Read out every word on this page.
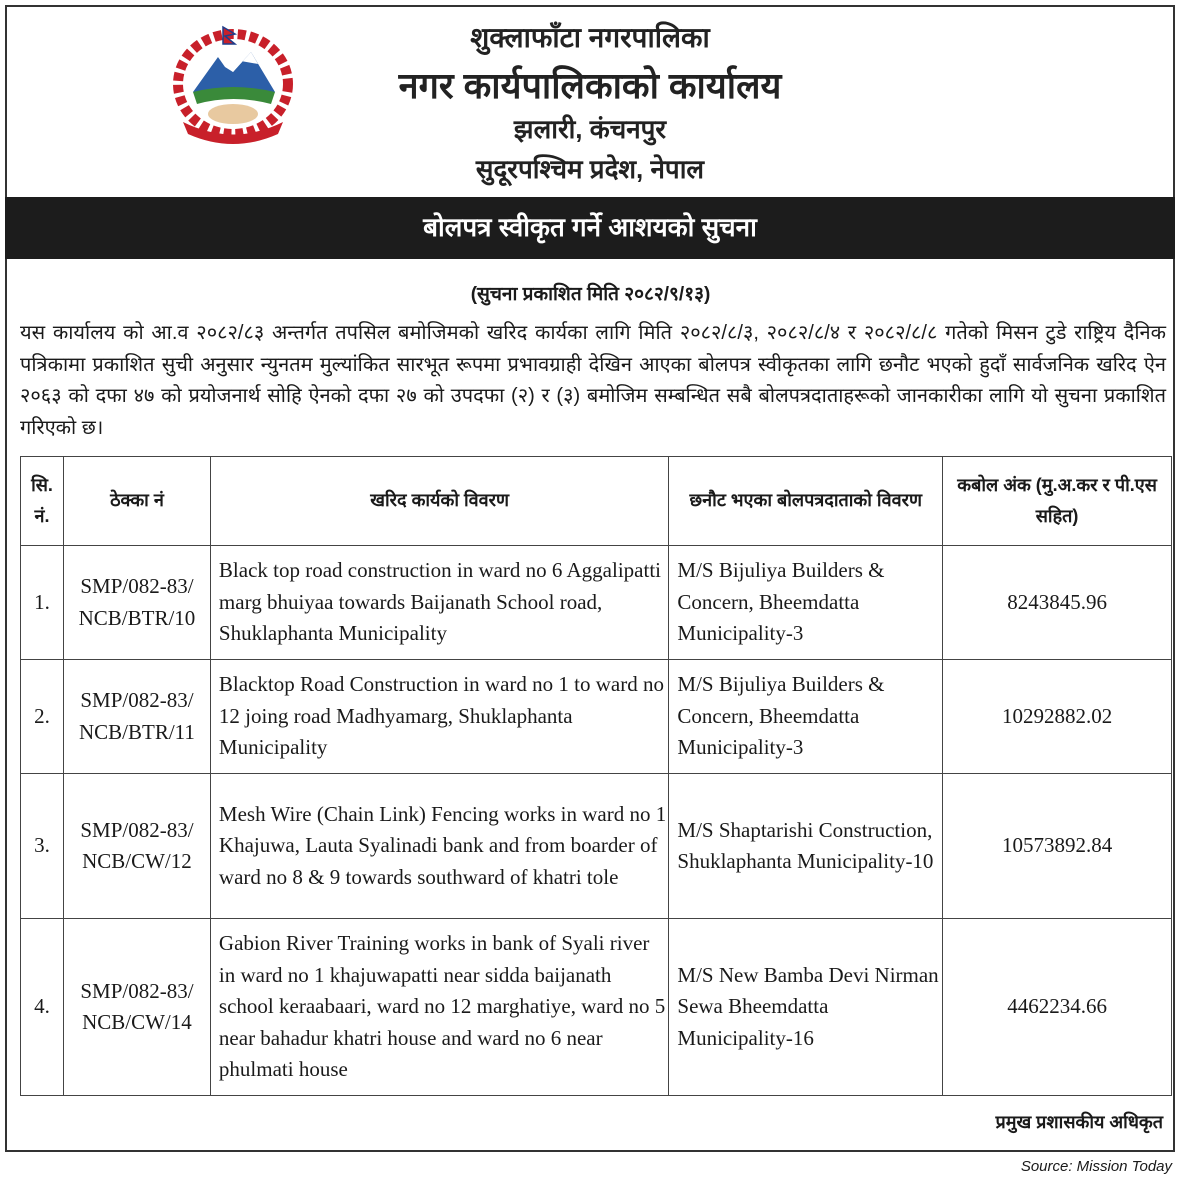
शुक्लाफाँटा नगरपालिका
नगर कार्यपालिकाको कार्यालय
झलारी, कंचनपुर
सुदूरपश्चिम प्रदेश, नेपाल
बोलपत्र स्वीकृत गर्ने आशयको सुचना
(सुचना प्रकाशित मिति २०८२/९/१३)
यस कार्यालय को आ.व २०८२/८३ अन्तर्गत तपसिल बमोजिमको खरिद कार्यका लागि मिति २०८२/८/३, २०८२/८/४ र २०८२/८/८ गतेको मिसन टुडे राष्ट्रिय दैनिक पत्रिकामा प्रकाशित सुची अनुसार न्युनतम मुल्यांकित सारभूत रूपमा प्रभावग्राही देखिन आएका बोलपत्र स्वीकृतका लागि छनौट भएको हुदाँ सार्वजनिक खरिद ऐन २०६३ को दफा ४७ को प्रयोजनार्थ सोहि ऐनको दफा २७ को उपदफा (२) र (३) बमोजिम सम्बन्धित सबै बोलपत्रदाताहरूको जानकारीका लागि यो सुचना प्रकाशित गरिएको छ।
सि. नं.	ठेक्का नं	खरिद कार्यको विवरण	छनौट भएका बोलपत्रदाताको विवरण	कबोल अंक (मु.अ.कर र पी.एस सहित)
1.	SMP/082-83/ NCB/BTR/10	Black top road construction in ward no 6 Aggalipatti marg bhuiyaa towards Baijanath School road, Shuklaphanta Municipality	M/S Bijuliya Builders & Concern, Bheemdatta Municipality-3	8243845.96
2.	SMP/082-83/ NCB/BTR/11	Blacktop Road Construction in ward no 1 to ward no 12 joing road Madhyamarg, Shuklaphanta Municipality	M/S Bijuliya Builders & Concern, Bheemdatta Municipality-3	10292882.02
3.	SMP/082-83/ NCB/CW/12	Mesh Wire (Chain Link) Fencing works in ward no 1 Khajuwa, Lauta Syalinadi bank and from boarder of ward no 8 & 9 towards southward of khatri tole	M/S Shaptarishi Construction, Shuklaphanta Municipality-10	10573892.84
4.	SMP/082-83/ NCB/CW/14	Gabion River Training works in bank of Syali river in ward no 1 khajuwapatti near sidda baijanath school keraabaari, ward no 12 marghatiye, ward no 5 near bahadur khatri house and ward no 6 near phulmati house	M/S New Bamba Devi Nirman Sewa Bheemdatta Municipality-16	4462234.66
प्रमुख प्रशासकीय अधिकृत
Source: Mission Today
